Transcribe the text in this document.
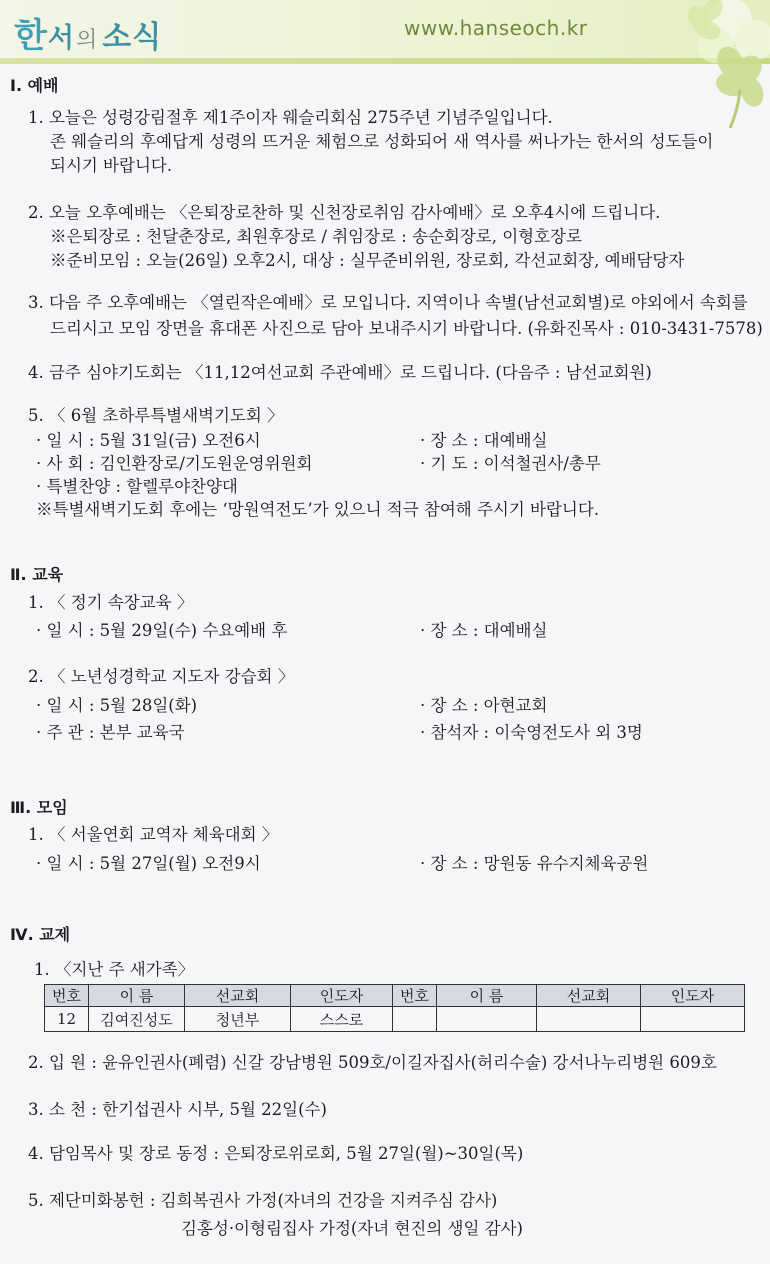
한서의 소식	www.hanseoch.kr
Ⅰ. 예배
1. 오늘은 성령강림절후 제1주이자 웨슬리회심 275주년 기념주일입니다.
존 웨슬리의 후예답게 성령의 뜨거운 체험으로 성화되어 새 역사를 써나가는 한서의 성도들이
되시기 바랍니다.
2. 오늘 오후예배는 〈은퇴장로찬하 및 신천장로취임 감사예배〉로 오후4시에 드립니다.
※은퇴장로 : 천달춘장로, 최원후장로 / 취임장로 : 송순회장로, 이형호장로
※준비모임 : 오늘(26일) 오후2시, 대상 : 실무준비위원, 장로회, 각선교회장, 예배담당자
3. 다음 주 오후예배는 〈열린작은예배〉로 모입니다. 지역이나 속별(남선교회별)로 야외에서 속회를
드리시고 모임 장면을 휴대폰 사진으로 담아 보내주시기 바랍니다. (유화진목사 : 010-3431-7578)
4. 금주 심야기도회는 〈11,12여선교회 주관예배〉로 드립니다. (다음주 : 남선교회원)
5. 〈 6월 초하루특별새벽기도회 〉
· 일 시 : 5월 31일(금) 오전6시	· 장 소 : 대예배실
· 사 회 : 김인환장로/기도원운영위원회	· 기 도 : 이석철권사/총무
· 특별찬양 : 할렐루야찬양대
※특별새벽기도회 후에는 ‘망원역전도’가 있으니 적극 참여해 주시기 바랍니다.
Ⅱ. 교육
1. 〈 정기 속장교육 〉
· 일 시 : 5월 29일(수) 수요예배 후	· 장 소 : 대예배실
2. 〈 노년성경학교 지도자 강습회 〉
· 일 시 : 5월 28일(화)	· 장 소 : 아현교회
· 주 관 : 본부 교육국	· 참석자 : 이숙영전도사 외 3명
Ⅲ. 모임
1. 〈 서울연회 교역자 체육대회 〉
· 일 시 : 5월 27일(월) 오전9시	· 장 소 : 망원동 유수지체육공원
Ⅳ. 교제
1. 〈지난 주 새가족〉
번호	이 름	선교회	인도자	번호	이 름	선교회	인도자
12	김여진성도	청년부	스스로				
2. 입 원 : 윤유인권사(폐렴) 신갈 강남병원 509호/이길자집사(허리수술) 강서나누리병원 609호
3. 소 천 : 한기섭권사 시부, 5월 22일(수)
4. 담임목사 및 장로 동정 : 은퇴장로위로회, 5월 27일(월)~30일(목)
5. 제단미화봉헌 : 김희복권사 가정(자녀의 건강을 지켜주심 감사)
김홍성·이형림집사 가정(자녀 현진의 생일 감사)
